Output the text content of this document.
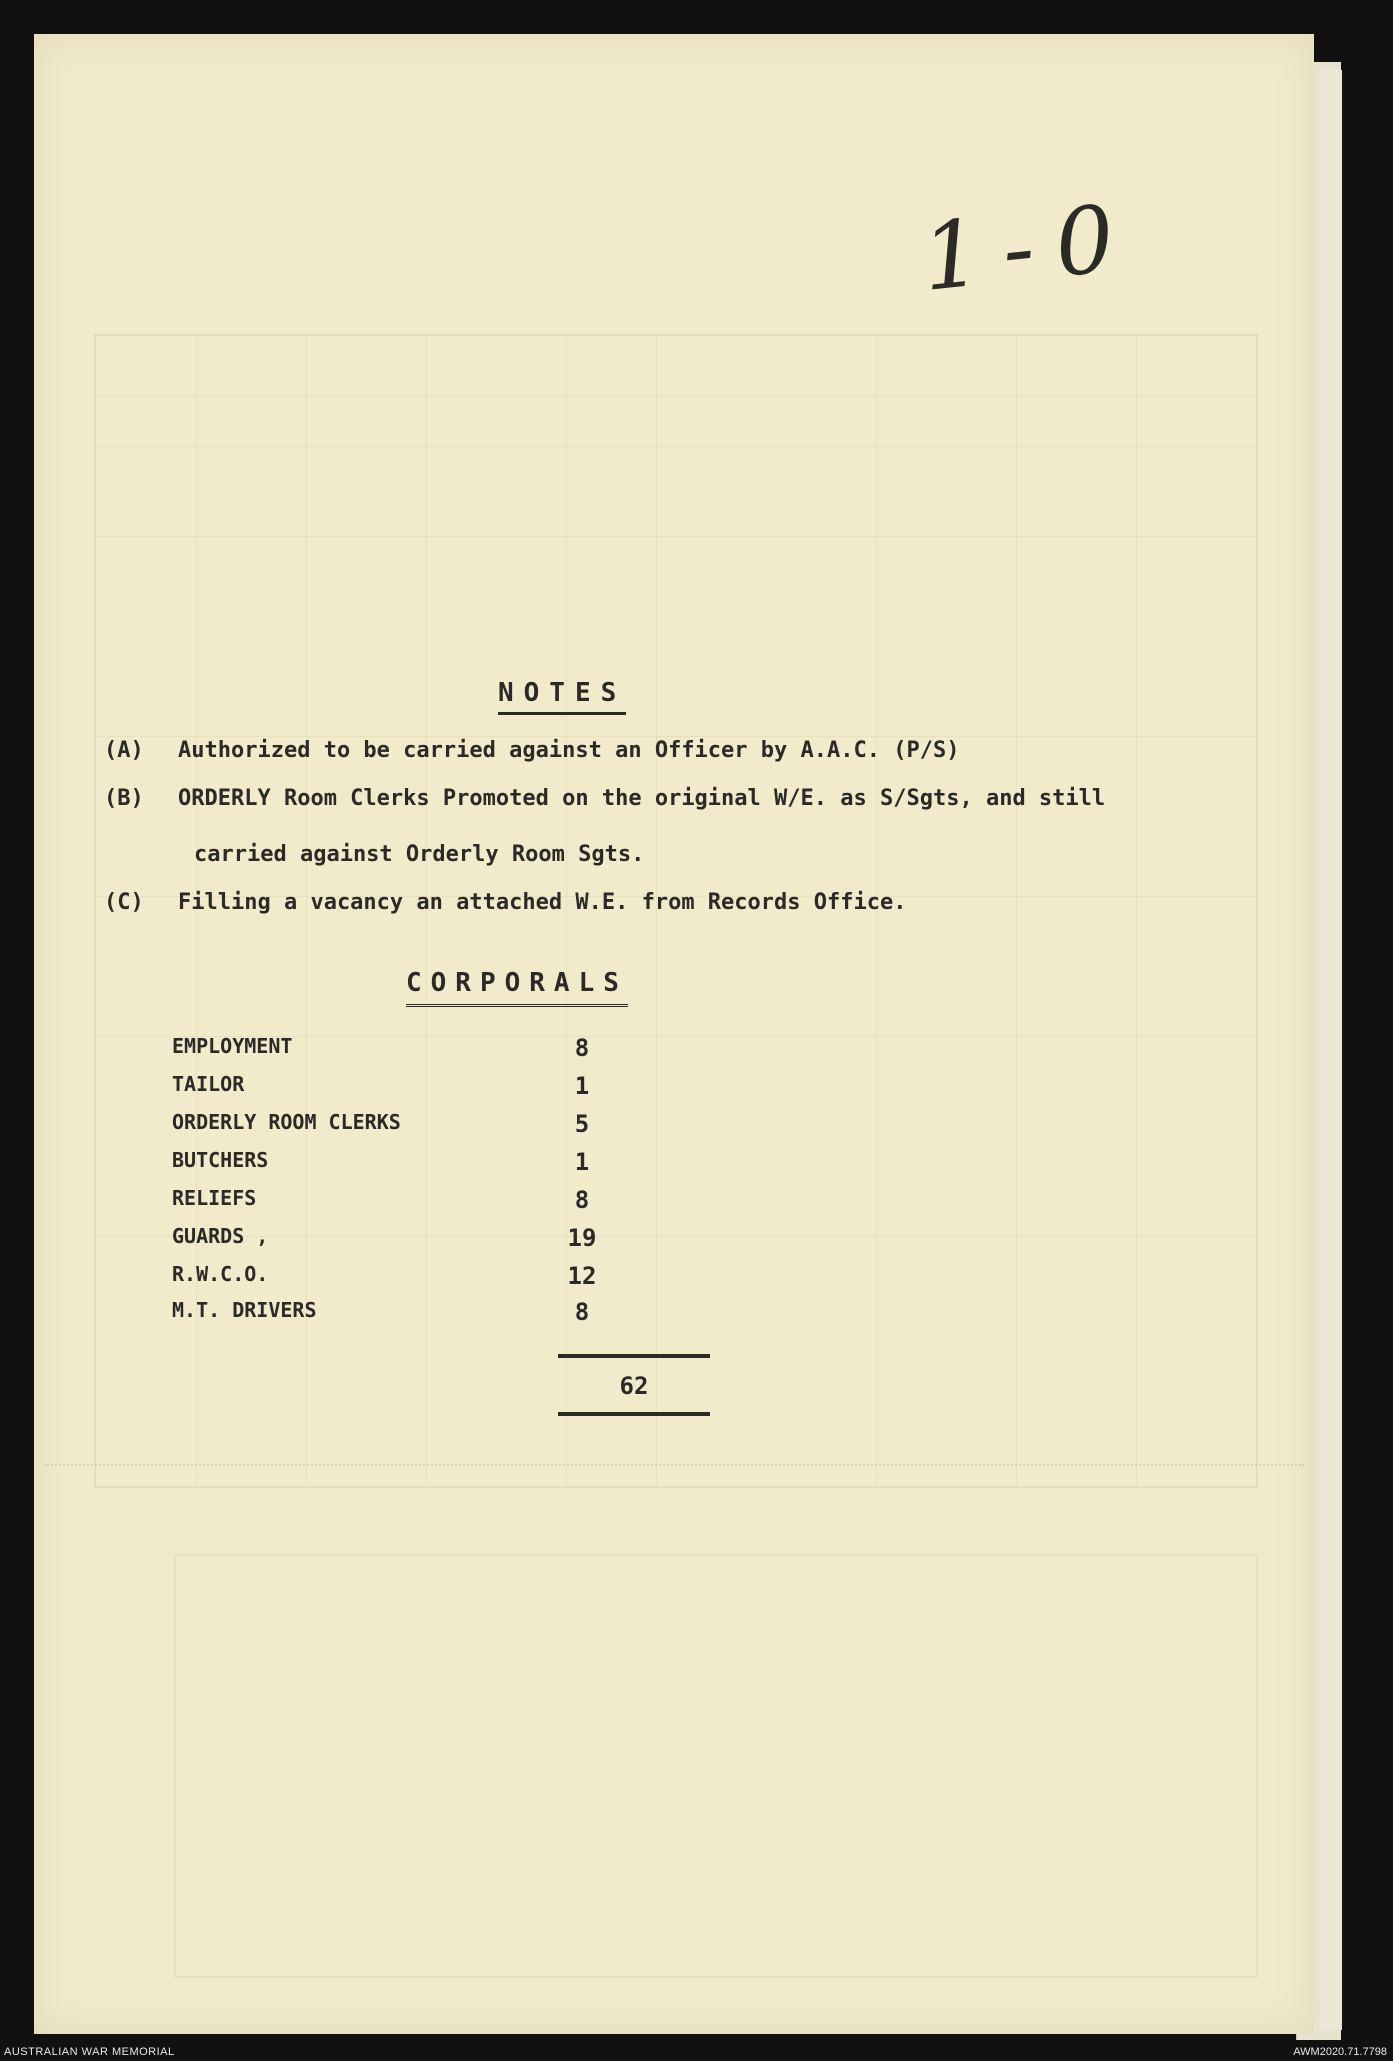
1-0
NOTES
(A) Authorized to be carried against an Officer by A.A.C. (P/S)
(B) ORDERLY Room Clerks Promoted on the original W/E. as S/Sgts, and still
carried against Orderly Room Sgts.
(C) Filling a vacancy an attached W.E. from Records Office.
CORPORALS
EMPLOYMENT	8
TAILOR	1
ORDERLY ROOM CLERKS	5
BUTCHERS	1
RELIEFS	8
GUARDS ,	19
R.W.C.O.	12
M.T. DRIVERS	8
62
AUSTRALIAN WAR MEMORIAL	AWM2020.71.7798
